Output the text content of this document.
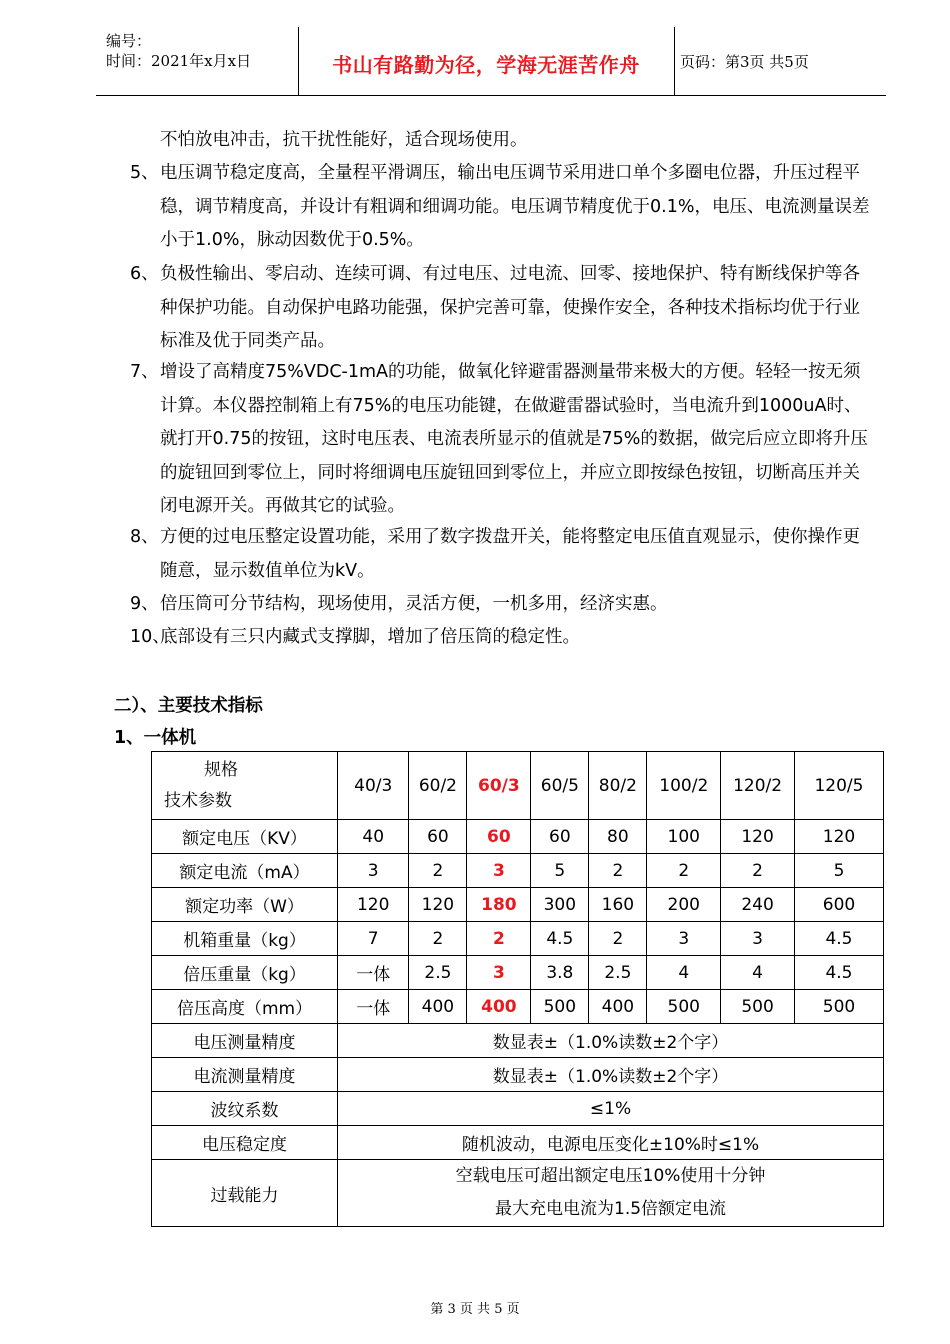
编号：
时间：2021年x月x日	书山有路勤为径，学海无涯苦作舟	页码：第3页 共5页
不怕放电冲击，抗干扰性能好，适合现场使用。
5、 电压调节稳定度高，全量程平滑调压，输出电压调节采用进口单个多圈电位器，升压过程平稳，调节精度高，并设计有粗调和细调功能。电压调节精度优于0.1%，电压、电流测量误差小于1.0%，脉动因数优于0.5%。
6、 负极性输出、零启动、连续可调、有过电压、过电流、回零、接地保护、特有断线保护等各种保护功能。自动保护电路功能强，保护完善可靠，使操作安全，各种技术指标均优于行业标准及优于同类产品。
7、 增设了高精度75%VDC-1mA的功能，做氧化锌避雷器测量带来极大的方便。轻轻一按无须计算。本仪器控制箱上有75%的电压功能键，在做避雷器试验时，当电流升到1000uA时、就打开0.75的按钮，这时电压表、电流表所显示的值就是75%的数据，做完后应立即将升压的旋钮回到零位上，同时将细调电压旋钮回到零位上，并应立即按绿色按钮，切断高压并关闭电源开关。再做其它的试验。
8、 方便的过电压整定设置功能，采用了数字拨盘开关，能将整定电压值直观显示，使你操作更随意，显示数值单位为kV。
9、 倍压筒可分节结构，现场使用，灵活方便，一机多用，经济实惠。
10、
底部设有三只内藏式支撑脚，增加了倍压筒的稳定性。
二）、主要技术指标
1、一体机
规格
技术参数	40/3	60/2	60/3	60/5	80/2	100/2	120/2	120/5
额定电压（KV）	40	60	60	60	80	100	120	120
额定电流（mA）	3	2	3	5	2	2	2	5
额定功率（W）	120	120	180	300	160	200	240	600
机箱重量（kg）	7	2	2	4.5	2	3	3	4.5
倍压重量（kg）	一体	2.5	3	3.8	2.5	4	4	4.5
倍压高度（mm）	一体	400	400	500	400	500	500	500
电压测量精度	数显表±（1.0%读数±2个字）							
电流测量精度	数显表±（1.0%读数±2个字）							
波纹系数	≤1%							
电压稳定度	随机波动，电源电压变化±10%时≤1%							
过载能力	空载电压可超出额定电压10%使用十分钟
最大充电电流为1.5倍额定电流							
第 3 页 共 5 页
